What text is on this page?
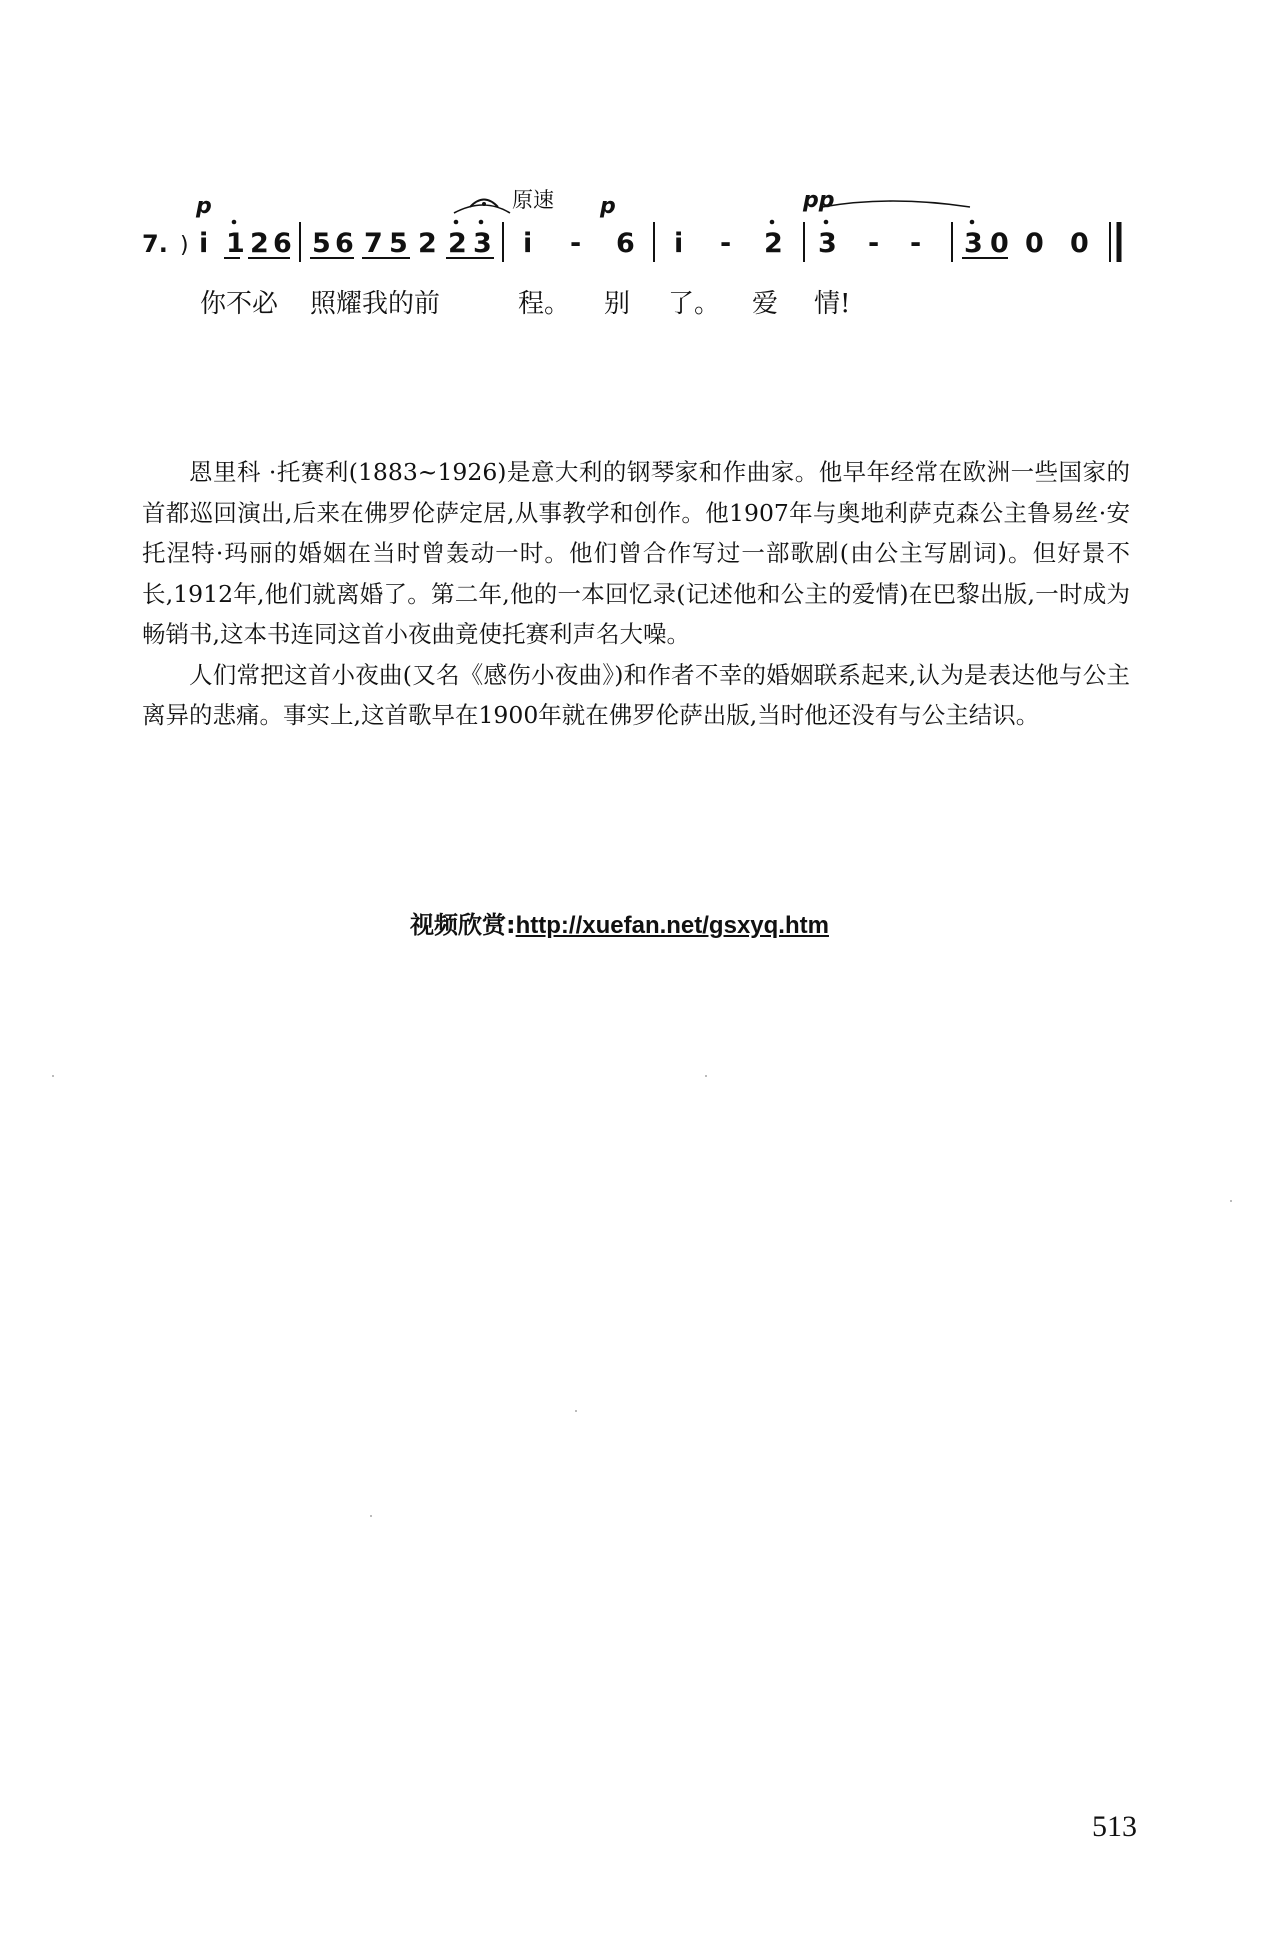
p	原速 p	pp
7. ) i 1 2 6 5 6 7 5 2 3
2	i - 6 i - 2 3 - - 3 0 0 0
你不必 照耀我的前	程。 别 了。 爱 情!

恩里科 ·托赛利(1883~1926)是意大利的钢琴家和作曲家。他早年经常在欧洲一些国家的首都巡回演出,后来在佛罗伦萨定居,从事教学和创作。他1907年与奥地利萨克森公主鲁易丝·安托涅特·玛丽的婚姻在当时曾轰动一时。他们曾合作写过一部歌剧(由公主写剧词)。但好景不长,1912年,他们就离婚了。第二年,他的一本回忆录(记述他和公主的爱情)在巴黎出版,一时成为畅销书,这本书连同这首小夜曲竟使托赛利声名大噪。

人们常把这首小夜曲(又名《感伤小夜曲》)和作者不幸的婚姻联系起来,认为是表达他与公主离异的悲痛。事实上,这首歌早在1900年就在佛罗伦萨出版,当时他还没有与公主结识。

视频欣赏:http://xuefan.net/gsxyq.htm
513
